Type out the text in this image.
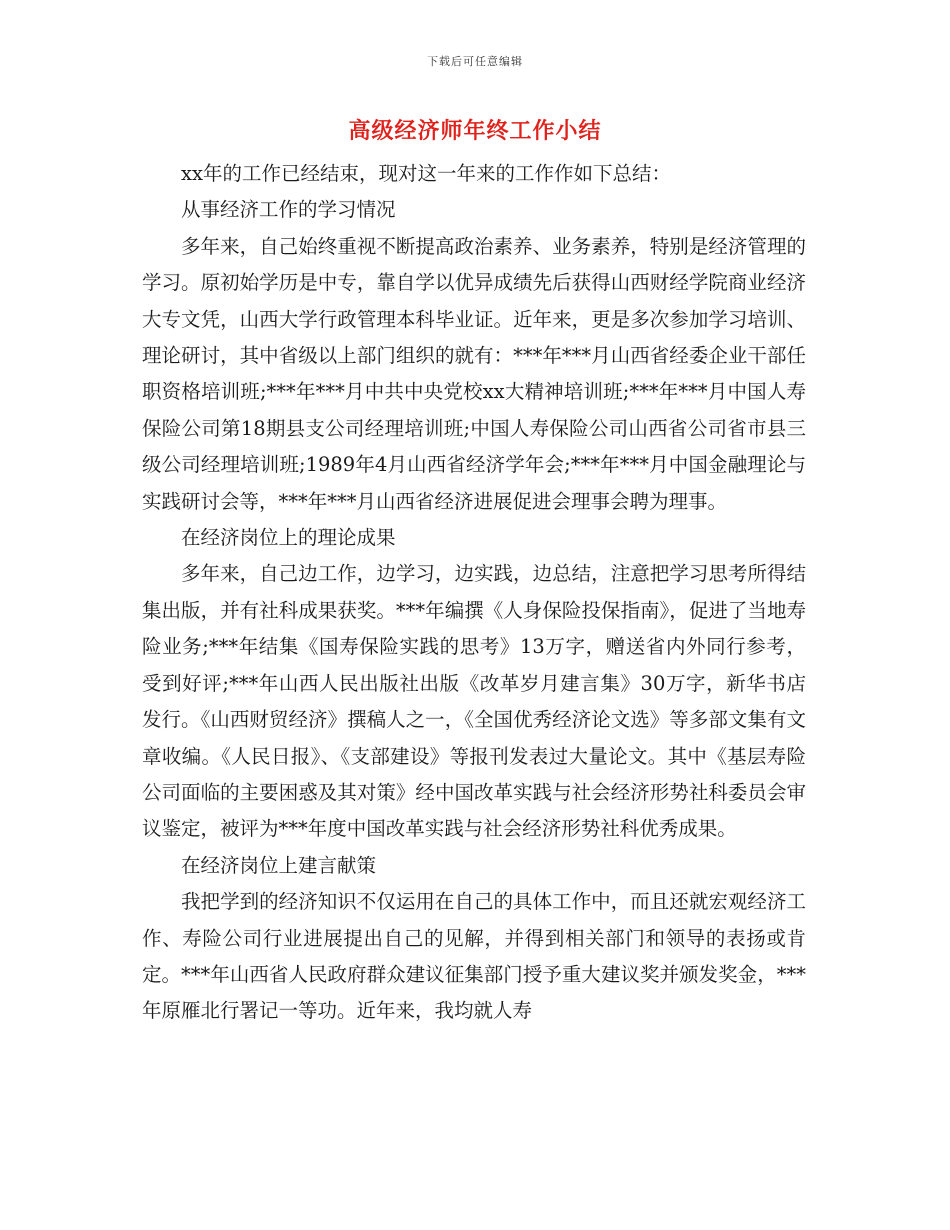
下载后可任意编辑
高级经济师年终工作小结

xx年的工作已经结束，现对这一年来的工作作如下总结：

从事经济工作的学习情况

多年来，自己始终重视不断提高政治素养、业务素养，特别是经济管理的学习。原初始学历是中专，靠自学以优异成绩先后获得山西财经学院商业经济大专文凭，山西大学行政管理本科毕业证。近年来，更是多次参加学习培训、理论研讨，其中省级以上部门组织的就有：***年***月山西省经委企业干部任职资格培训班;***年***月中共中央党校xx大精神培训班;***年***月中国人寿保险公司第18期县支公司经理培训班;中国人寿保险公司山西省公司省市县三级公司经理培训班;1989年4月山西省经济学年会;***年***月中国金融理论与实践研讨会等，***年***月山西省经济进展促进会理事会聘为理事。

在经济岗位上的理论成果

多年来，自己边工作，边学习，边实践，边总结，注意把学习思考所得结集出版，并有社科成果获奖。***年编撰《人身保险投保指南》，促进了当地寿险业务;***年结集《国寿保险实践的思考》13万字，赠送省内外同行参考，受到好评;***年山西人民出版社出版《改革岁月建言集》30万字，新华书店发行。《山西财贸经济》撰稿人之一，《全国优秀经济论文选》等多部文集有文章收编。《人民日报》、《支部建设》等报刊发表过大量论文。其中《基层寿险公司面临的主要困惑及其对策》经中国改革实践与社会经济形势社科委员会审议鉴定，被评为***年度中国改革实践与社会经济形势社科优秀成果。

在经济岗位上建言献策

我把学到的经济知识不仅运用在自己的具体工作中，而且还就宏观经济工作、寿险公司行业进展提出自己的见解，并得到相关部门和领导的表扬或肯定。***年山西省人民政府群众建议征集部门授予重大建议奖并颁发奖金，***年原雁北行署记一等功。近年来，我均就人寿
